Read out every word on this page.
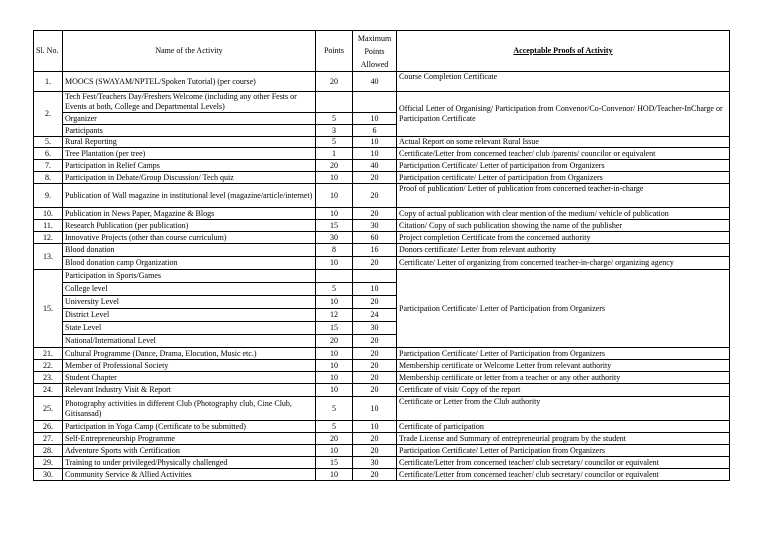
Sl. No.	Name of the Activity	Points	Maximum Points Allowed	Acceptable Proofs of Activity
1.	MOOCS (SWAYAM/NPTEL/Spoken Tutorial) (per course)	20	40	Course Completion Certificate
2.	Tech Fest/Teachers Day/Freshers Welcome (including any other Fests or Events at both, College and Departmental Levels)			Official Letter of Organising/ Participation from Convenor/Co-Convenor/ HOD/Teacher-InCharge or Participation Certificate
	Organizer	5	10	
	Participants	3	6	
5.	Rural Reporting	5	10	Actual Report on some relevant Rural Issue
6.	Tree Plantation (per tree)	1	10	Certificate/Letter from concerned teacher/ club /parents/ councilor or equivalent
7.	Participation in Relief Camps	20	40	Participation Certificate/ Letter of participation from Organizers
8.	Participation in Debate/Group Discussion/ Tech quiz	10	20	Participation certificate/ Letter of participation from Organizers
9.	Publication of Wall magazine in institutional level (magazine/article/internet)	10	20	Proof of publication/ Letter of publication from concerned teacher-in-charge
10.	Publication in News Paper, Magazine & Blogs	10	20	Copy of actual publication with clear mention of the medium/ vehicle of publication
11.	Research Publication (per publication)	15	30	Citation/ Copy of such publication showing the name of the publisher
12.	Innovative Projects (other than course curriculum)	30	60	Project completion Certificate from the concerned authority
13.	Blood donation	8	16	Donors certificate/ Letter from relevant authority
	Blood donation camp Organization	10	20	Certificate/ Letter of organizing from concerned teacher-in-charge/ organizing agency
15.	Participation in Sports/Games			Participation Certificate/ Letter of Participation from Organizers
	College level	5	10	
	University Level	10	20	
	District Level	12	24	
	State Level	15	30	
	National/International Level	20	20	
21.	Cultural Programme (Dance, Drama, Elocution, Music etc.)	10	20	Participation Certificate/ Letter of Participation from Organizers
22.	Member of Professional Society	10	20	Membership certificate or Welcome Letter from relevant authority
23.	Student Chapter	10	20	Membership certificate or letter from a teacher or any other authority
24.	Relevant Industry Visit & Report	10	20	Certificate of visit/ Copy of the report
25.	Photography activities in different Club (Photography club, Cine Club, Gitisansad)	5	10	Certificate or Letter from the Club authority
26.	Participation in Yoga Camp (Certificate to be submitted)	5	10	Certificate of participation
27.	Self-Entrepreneurship Programme	20	20	Trade License and Summary of entrepreneurial program by the student
28.	Adventure Sports with Certification	10	20	Participation Certificate/ Letter of Participation from Organizers
29.	Training to under privileged/Physically challenged	15	30	Certificate/Letter from concerned teacher/ club secretary/ councilor or equivalent
30.	Community Service & Allied Activities	10	20	Certificate/Letter from concerned teacher/ club secretary/ councilor or equivalent
